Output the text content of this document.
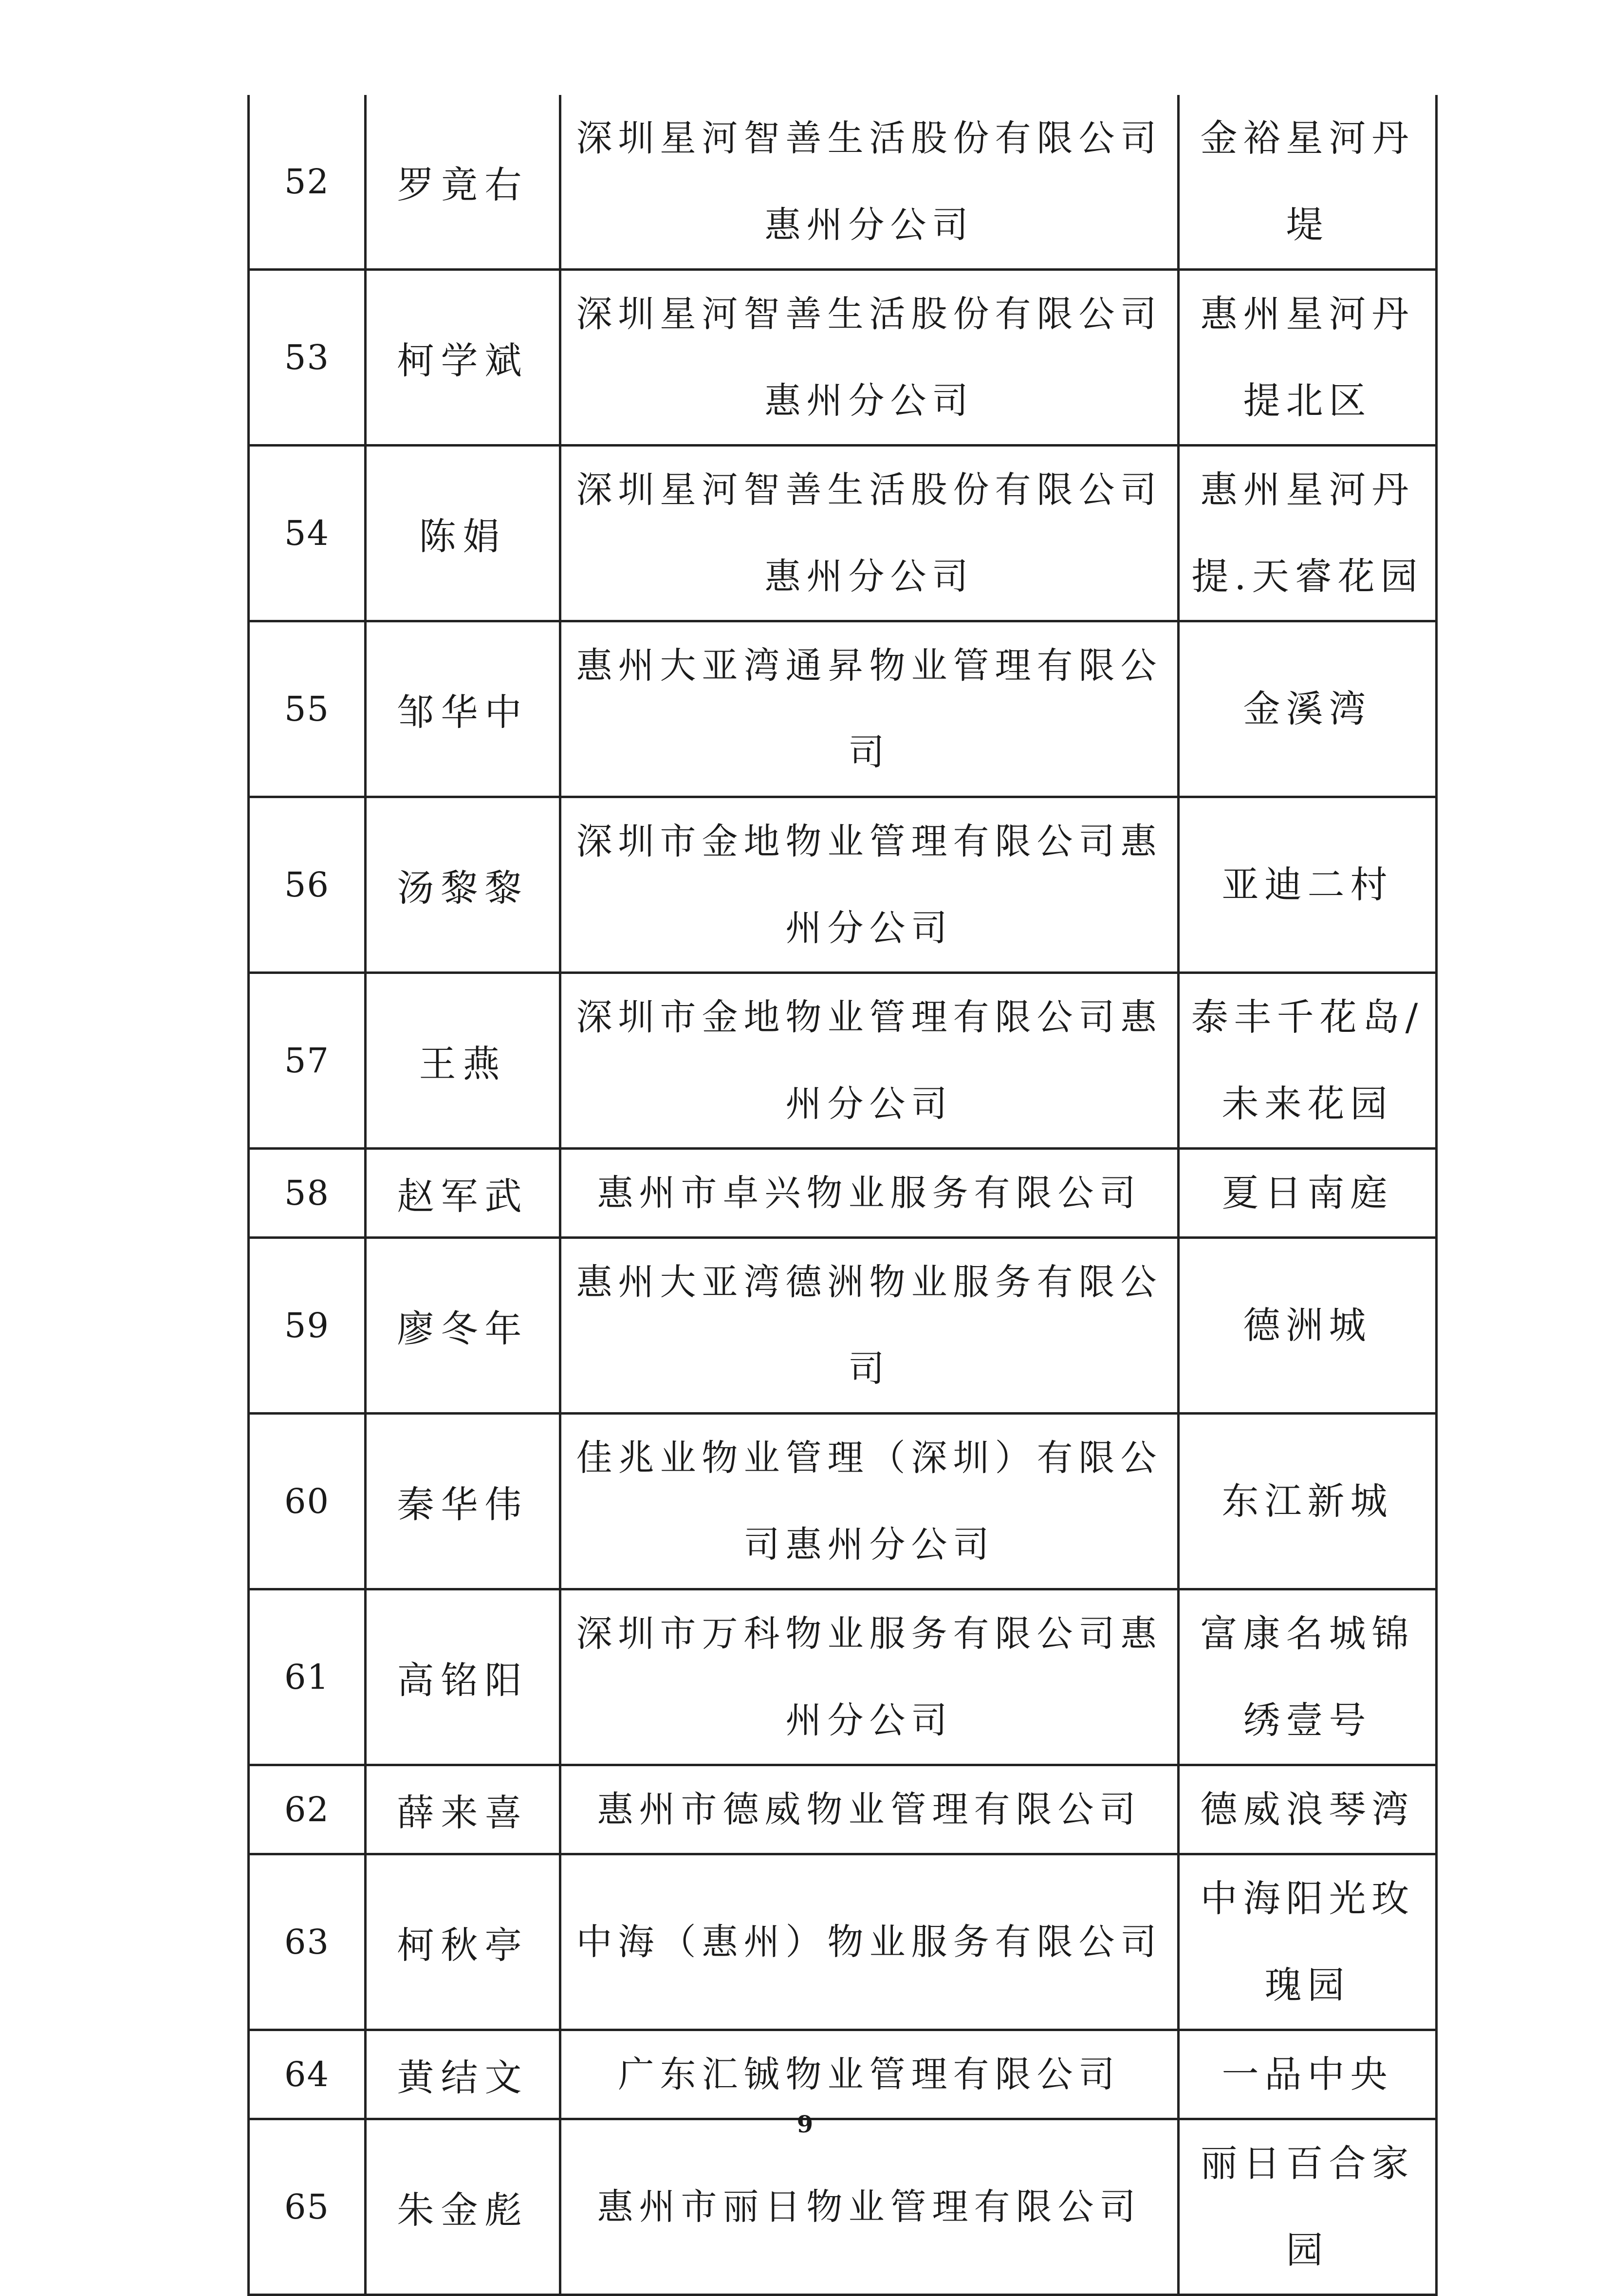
52	罗竟右	深圳星河智善生活股份有限公司惠州分公司	金裕星河丹堤
53	柯学斌	深圳星河智善生活股份有限公司惠州分公司	惠州星河丹提北区
54	陈娟	深圳星河智善生活股份有限公司惠州分公司	惠州星河丹提.天睿花园
55	邹华中	惠州大亚湾通昇物业管理有限公司	金溪湾
56	汤黎黎	深圳市金地物业管理有限公司惠州分公司	亚迪二村
57	王燕	深圳市金地物业管理有限公司惠州分公司	泰丰千花岛/未来花园
58	赵军武	惠州市卓兴物业服务有限公司	夏日南庭
59	廖冬年	惠州大亚湾德洲物业服务有限公司	德洲城
60	秦华伟	佳兆业物业管理（深圳）有限公司惠州分公司	东江新城
61	高铭阳	深圳市万科物业服务有限公司惠州分公司	富康名城锦绣壹号
62	薛来喜	惠州市德威物业管理有限公司	德威浪琴湾
63	柯秋亭	中海（惠州）物业服务有限公司	中海阳光玫瑰园
64	黄结文	广东汇铖物业管理有限公司	一品中央
65	朱金彪	惠州市丽日物业管理有限公司	丽日百合家园
9
